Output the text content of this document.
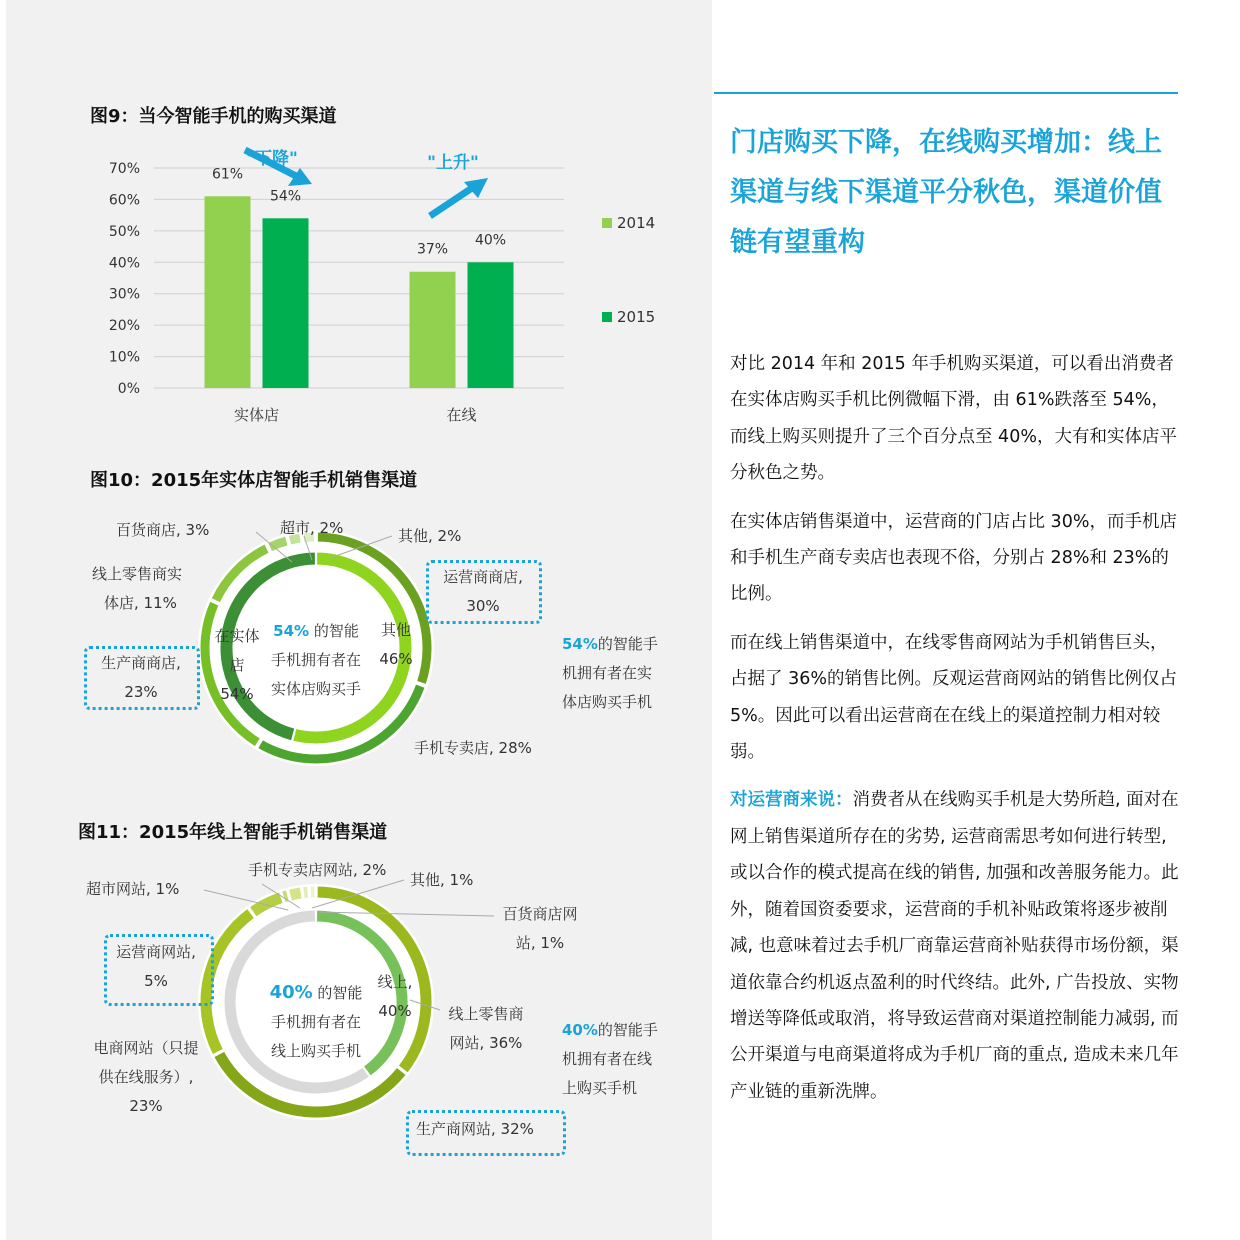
图9：当今智能手机的购买渠道
0%
10%
20%
30%
40%
50%
60%
70%	61%
54%
37%
40%
实体店	在线
2014
2015
"下降"	"上升"
图10：2015年实体店智能手机销售渠道
百货商店, 3%	超市, 2%	其他, 2%
线上零售商实
体店, 11%
运营商商店,
30%
生产商商店,
23%
手机专卖店, 28%
在实体
店
54%
其他
46%
54% 的智能
手机拥有者在
实体店购买手
54%的智能手
机拥有者在实
体店购买手机
图11：2015年线上智能手机销售渠道
手机专卖店网站, 2%
超市网站, 1%	其他, 1%
百货商店网
站, 1%
运营商网站,
5%
线上零售商
网站, 36%
电商网站（只提
供在线服务）,
23%
生产商网站, 32%
线上,
40%
40% 的智能
手机拥有者在
线上购买手机
40%的智能手
机拥有者在线
上购买手机
门店购买下降，在线购买增加：线上渠道与线下渠道平分秋色，渠道价值链有望重构

对比 2014 年和 2015 年手机购买渠道，可以看出消费者在实体店购买手机比例微幅下滑，由 61%跌落至 54%，而线上购买则提升了三个百分点至 40%，大有和实体店平分秋色之势。

在实体店销售渠道中，运营商的门店占比 30%，而手机店和手机生产商专卖店也表现不俗，分别占 28%和 23%的比例。

而在线上销售渠道中，在线零售商网站为手机销售巨头，占据了 36%的销售比例。反观运营商网站的销售比例仅占 5%。因此可以看出运营商在在线上的渠道控制力相对较弱。

对运营商来说：消费者从在线购买手机是大势所趋, 面对在网上销售渠道所存在的劣势, 运营商需思考如何进行转型, 或以合作的模式提高在线的销售, 加强和改善服务能力。此外，随着国资委要求，运营商的手机补贴政策将逐步被削减, 也意味着过去手机厂商靠运营商补贴获得市场份额，渠道依靠合约机返点盈利的时代终结。此外, 广告投放、实物增送等降低或取消，将导致运营商对渠道控制能力减弱, 而公开渠道与电商渠道将成为手机厂商的重点, 造成未来几年产业链的重新洗牌。
